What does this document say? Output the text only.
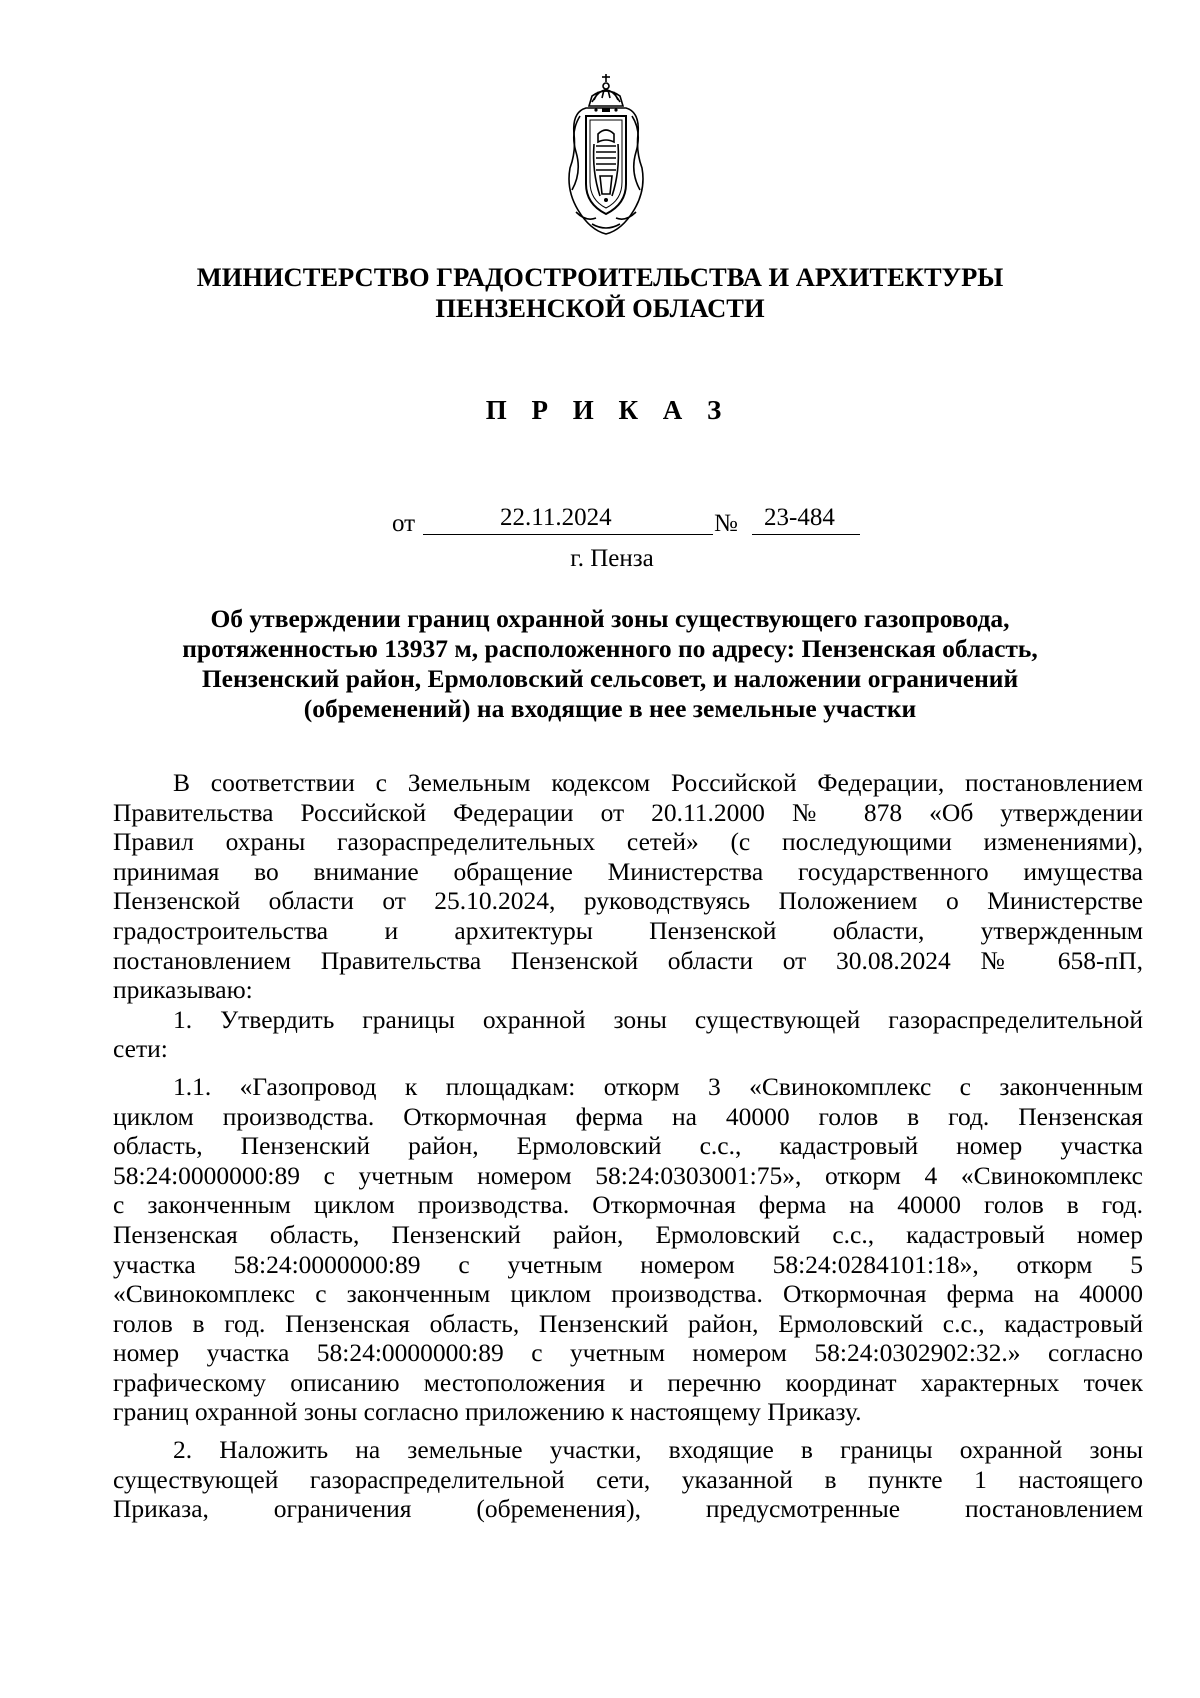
МИНИСТЕРСТВО ГРАДОСТРОИТЕЛЬСТВА И АРХИТЕКТУРЫ
ПЕНЗЕНСКОЙ ОБЛАСТИ
П Р И К А З
от	22.11.2024	№ 23-484
г. Пенза
Об утверждении границ охранной зоны существующего газопровода,
протяженностью 13937 м, расположенного по адресу: Пензенская область,
Пензенский район, Ермоловский сельсовет, и наложении ограничений
(обременений) на входящие в нее земельные участки
В соответствии с Земельным кодексом Российской Федерации, постановлением
Правительства Российской Федерации от 20.11.2000 № 878 «Об утверждении
Правил охраны газораспределительных сетей» (с последующими изменениями),
принимая во внимание обращение Министерства государственного имущества
Пензенской области от 25.10.2024, руководствуясь Положением о Министерстве
градостроительства и архитектуры Пензенской области, утвержденным
постановлением Правительства Пензенской области от 30.08.2024 № 658-пП,
приказываю:
1. Утвердить границы охранной зоны существующей газораспределительной
сети:
1.1. «Газопровод к площадкам: откорм 3 «Свинокомплекс с законченным
циклом производства. Откормочная ферма на 40000 голов в год. Пензенская
область, Пензенский район, Ермоловский с.с., кадастровый номер участка
58:24:0000000:89 с учетным номером 58:24:0303001:75», откорм 4 «Свинокомплекс
с законченным циклом производства. Откормочная ферма на 40000 голов в год.
Пензенская область, Пензенский район, Ермоловский с.с., кадастровый номер
участка 58:24:0000000:89 с учетным номером 58:24:0284101:18», откорм 5
«Свинокомплекс с законченным циклом производства. Откормочная ферма на 40000
голов в год. Пензенская область, Пензенский район, Ермоловский с.с., кадастровый
номер участка 58:24:0000000:89 с учетным номером 58:24:0302902:32.» согласно
графическому описанию местоположения и перечню координат характерных точек
границ охранной зоны согласно приложению к настоящему Приказу.
2. Наложить на земельные участки, входящие в границы охранной зоны
существующей газораспределительной сети, указанной в пункте 1 настоящего
Приказа, ограничения (обременения), предусмотренные постановлением
